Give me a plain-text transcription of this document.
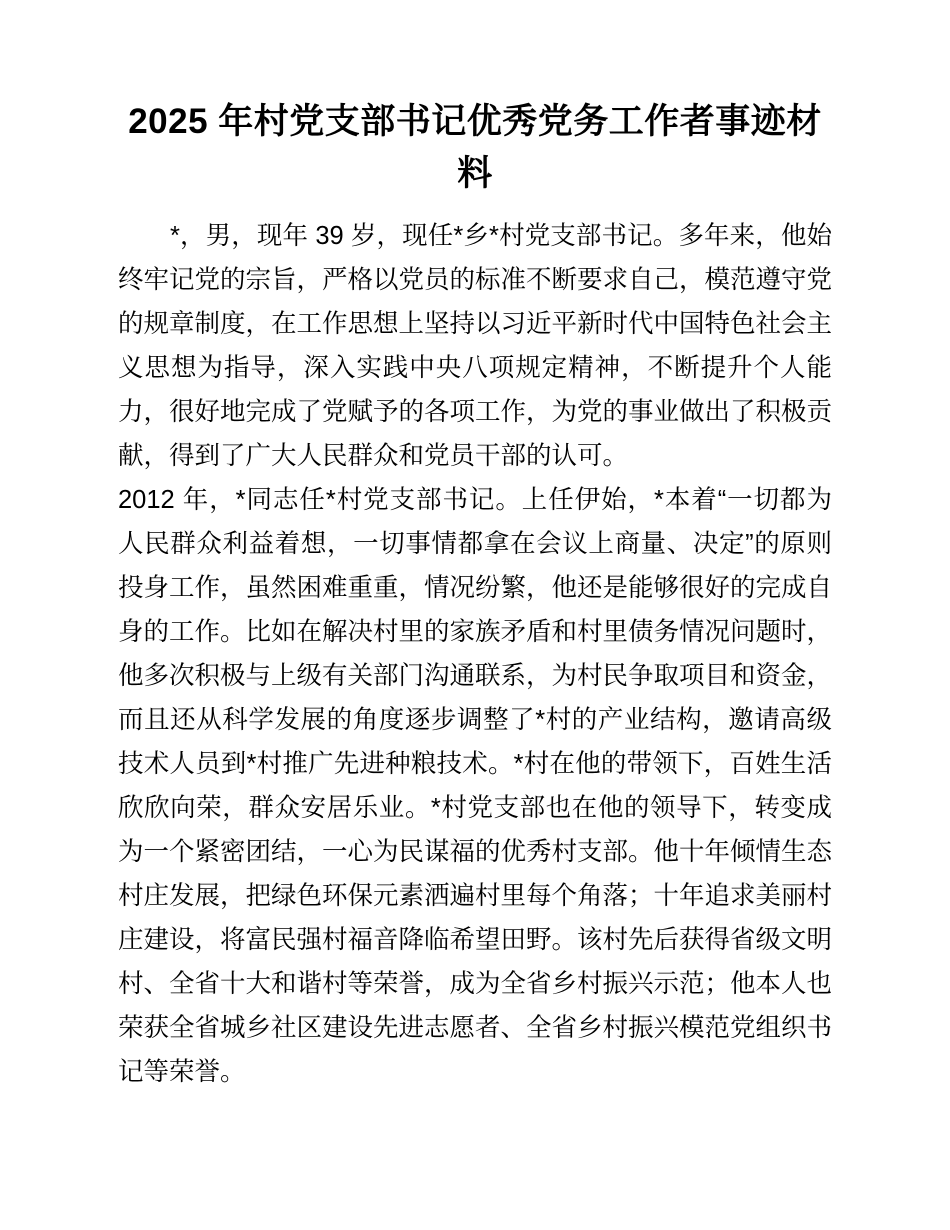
2025 年村党支部书记优秀党务工作者事迹材料

*，男，现年 39 岁，现任*乡*村党支部书记。多年来，他始终牢记党的宗旨，严格以党员的标准不断要求自己，模范遵守党的规章制度，在工作思想上坚持以习近平新时代中国特色社会主义思想为指导，深入实践中央八项规定精神，不断提升个人能力，很好地完成了党赋予的各项工作，为党的事业做出了积极贡献，得到了广大人民群众和党员干部的认可。

2012 年，*同志任*村党支部书记。上任伊始，*本着“一切都为人民群众利益着想，一切事情都拿在会议上商量、决定”的原则投身工作，虽然困难重重，情况纷繁，他还是能够很好的完成自身的工作。比如在解决村里的家族矛盾和村里债务情况问题时，他多次积极与上级有关部门沟通联系，为村民争取项目和资金，而且还从科学发展的角度逐步调整了*村的产业结构，邀请高级技术人员到*村推广先进种粮技术。*村在他的带领下，百姓生活欣欣向荣，群众安居乐业。*村党支部也在他的领导下，转变成为一个紧密团结，一心为民谋福的优秀村支部。他十年倾情生态村庄发展，把绿色环保元素洒遍村里每个角落；十年追求美丽村庄建设，将富民强村福音降临希望田野。该村先后获得省级文明村、全省十大和谐村等荣誉，成为全省乡村振兴示范；他本人也荣获全省城乡社区建设先进志愿者、全省乡村振兴模范党组织书记等荣誉。
